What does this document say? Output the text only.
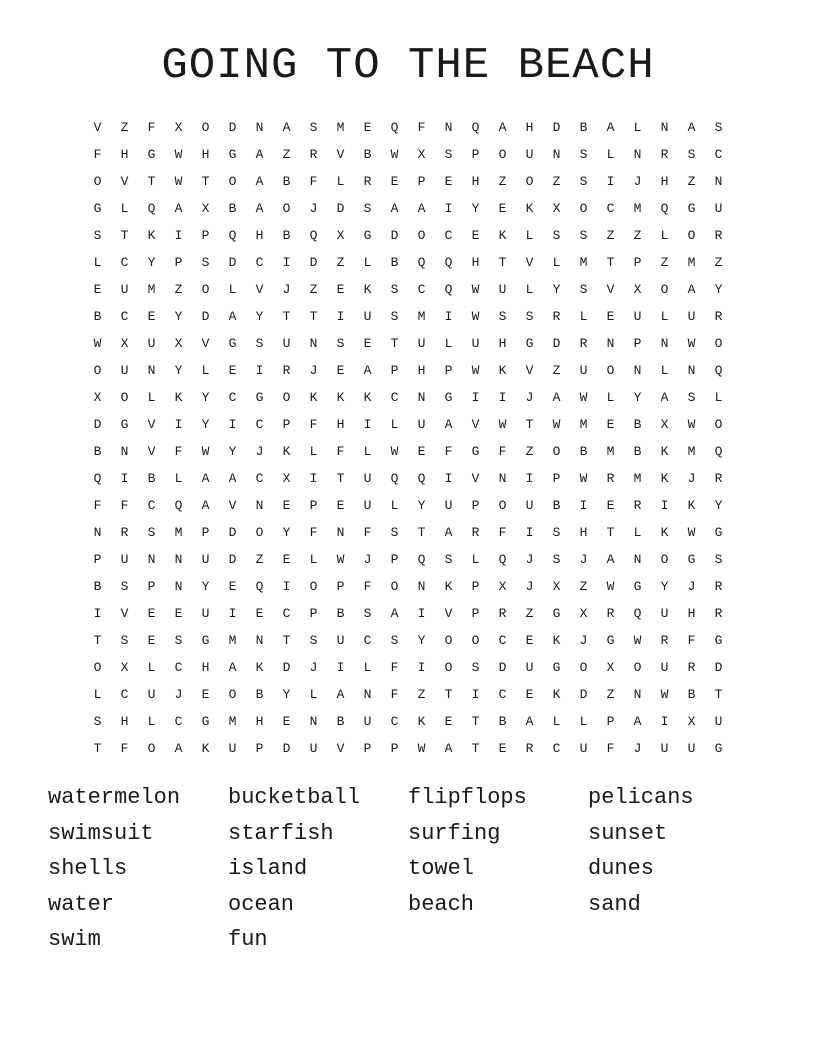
GOING TO THE BEACH
V	Z	F	X	O	D	N	A	S	M	E	Q	F	N	Q	A	H	D	B	A	L	N	A	S
F	H	G	W	H	G	A	Z	R	V	B	W	X	S	P	O	U	N	S	L	N	R	S	C
O	V	T	W	T	O	A	B	F	L	R	E	P	E	H	Z	O	Z	S	I	J	H	Z	N
G	L	Q	A	X	B	A	O	J	D	S	A	A	I	Y	E	K	X	O	C	M	Q	G	U
S	T	K	I	P	Q	H	B	Q	X	G	D	O	C	E	K	L	S	S	Z	Z	L	O	R
L	C	Y	P	S	D	C	I	D	Z	L	B	Q	Q	H	T	V	L	M	T	P	Z	M	Z
E	U	M	Z	O	L	V	J	Z	E	K	S	C	Q	W	U	L	Y	S	V	X	O	A	Y
B	C	E	Y	D	A	Y	T	T	I	U	S	M	I	W	S	S	R	L	E	U	L	U	R
W	X	U	X	V	G	S	U	N	S	E	T	U	L	U	H	G	D	R	N	P	N	W	O
O	U	N	Y	L	E	I	R	J	E	A	P	H	P	W	K	V	Z	U	O	N	L	N	Q
X	O	L	K	Y	C	G	O	K	K	K	C	N	G	I	I	J	A	W	L	Y	A	S	L
D	G	V	I	Y	I	C	P	F	H	I	L	U	A	V	W	T	W	M	E	B	X	W	O
B	N	V	F	W	Y	J	K	L	F	L	W	E	F	G	F	Z	O	B	M	B	K	M	Q
Q	I	B	L	A	A	C	X	I	T	U	Q	Q	I	V	N	I	P	W	R	M	K	J	R
F	F	C	Q	A	V	N	E	P	E	U	L	Y	U	P	O	U	B	I	E	R	I	K	Y
N	R	S	M	P	D	O	Y	F	N	F	S	T	A	R	F	I	S	H	T	L	K	W	G
P	U	N	N	U	D	Z	E	L	W	J	P	Q	S	L	Q	J	S	J	A	N	O	G	S
B	S	P	N	Y	E	Q	I	O	P	F	O	N	K	P	X	J	X	Z	W	G	Y	J	R
I	V	E	E	U	I	E	C	P	B	S	A	I	V	P	R	Z	G	X	R	Q	U	H	R
T	S	E	S	G	M	N	T	S	U	C	S	Y	O	O	C	E	K	J	G	W	R	F	G
O	X	L	C	H	A	K	D	J	I	L	F	I	O	S	D	U	G	O	X	O	U	R	D
L	C	U	J	E	O	B	Y	L	A	N	F	Z	T	I	C	E	K	D	Z	N	W	B	T
S	H	L	C	G	M	H	E	N	B	U	C	K	E	T	B	A	L	L	P	A	I	X	U
T	F	O	A	K	U	P	D	U	V	P	P	W	A	T	E	R	C	U	F	J	U	U	G
watermelon	bucketball	flipflops	pelicans
swimsuit	starfish	surfing	sunset
shells	island	towel	dunes
water	ocean	beach	sand
swim	fun
